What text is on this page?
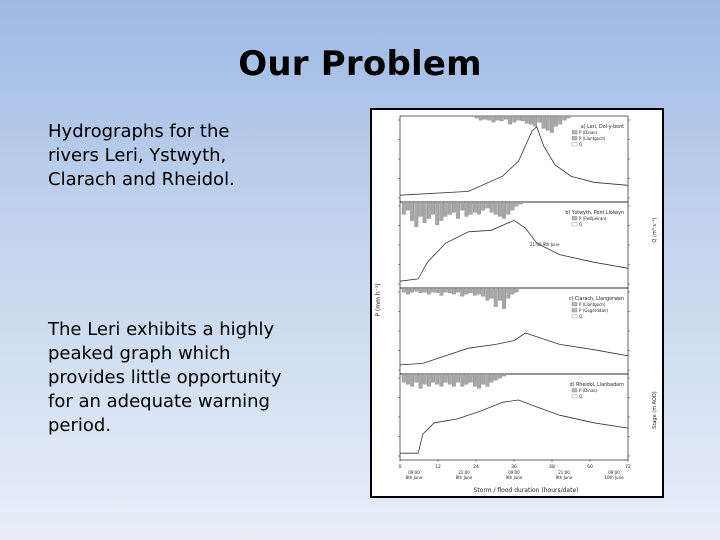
Our Problem
Hydrographs for the rivers Leri, Ystwyth, Clarach and Rheidol.
The Leri exhibits a highly peaked graph which provides little opportunity for an adequate warning period.
a) Leri, Dol-y-bont
P (Dinas)
P (Llantgoch)
Q
b) Ystwyth, Pont Llolwyn
P (Pwllpeiran)
Q
c) Clarach, Llangorwen
P (Llantgoch)
P (Gogerddan)
Q
d) Rheidol, Llanbadarn
P (Dinas)
Q
P (mm h⁻¹)
Q (m³ s⁻¹)
Stage (m AOD)
21:00 9th June
0	12	24	36	48	60	72
09:00
8th June
21:00
8th June
09:00
9th June
21:00
9th June
09:00
10th June
Storm / flood duration (hours/date)
